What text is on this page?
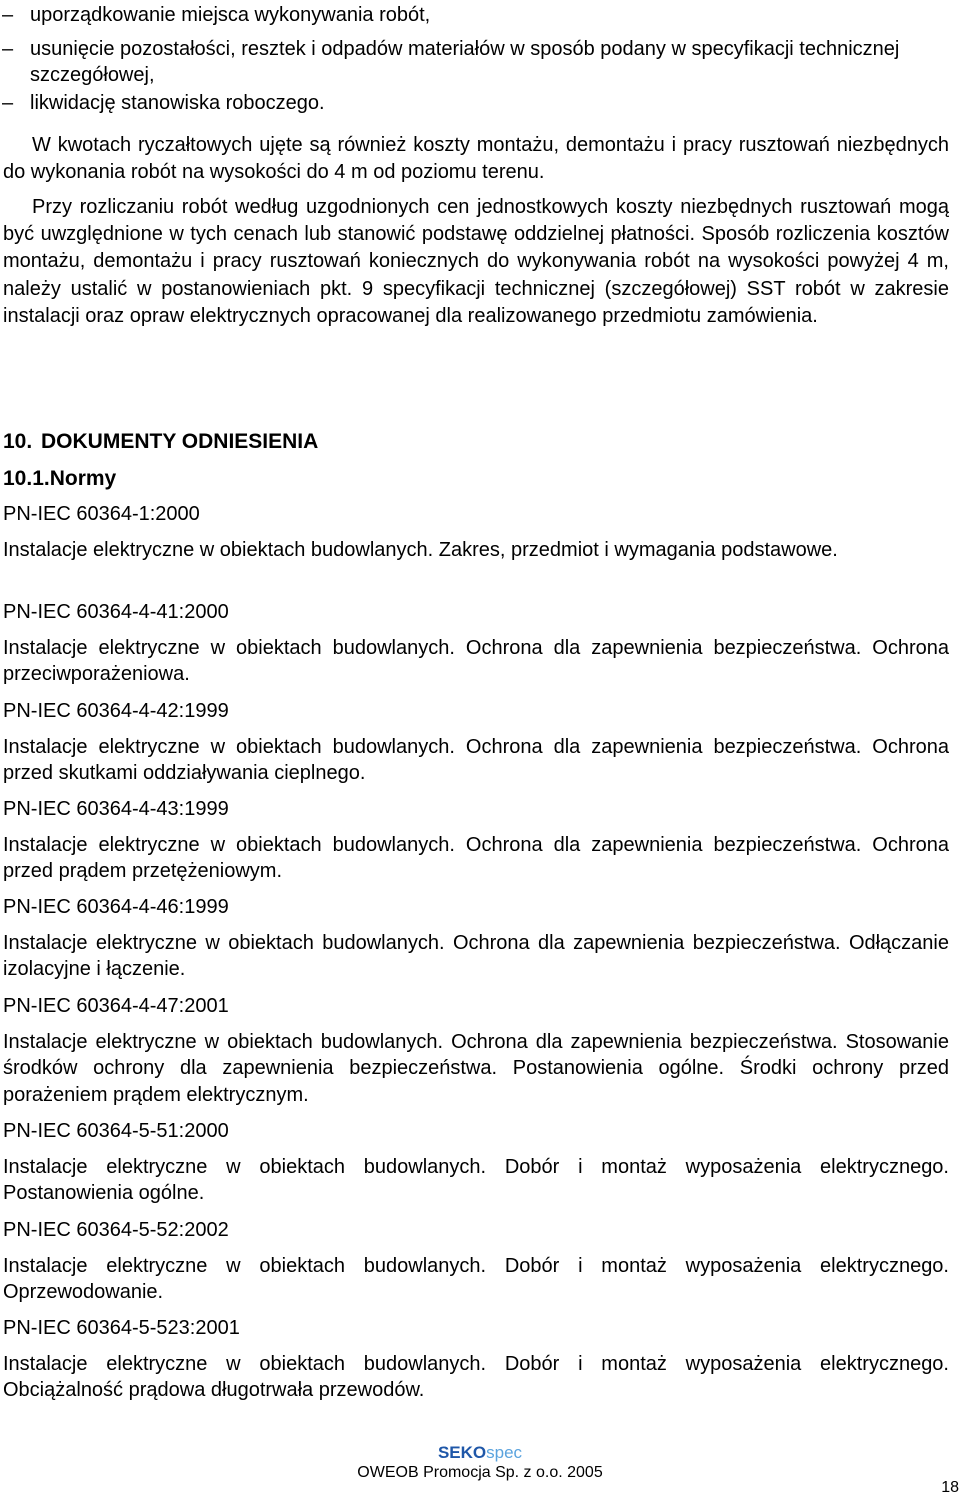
– uporządkowanie miejsca wykonywania robót,
– usunięcie pozostałości, resztek i odpadów materiałów w sposób podany w specyfikacji technicznej szczegółowej,
– likwidację stanowiska roboczego.
W kwotach ryczałtowych ujęte są również koszty montażu, demontażu i pracy rusztowań niezbędnych do wykonania robót na wysokości do 4 m od poziomu terenu.
Przy rozliczaniu robót według uzgodnionych cen jednostkowych koszty niezbędnych rusztowań mogą być uwzględnione w tych cenach lub stanowić podstawę oddzielnej płatności. Sposób rozliczenia kosztów montażu, demontażu i pracy rusztowań koniecznych do wykonywania robót na wysokości powyżej 4 m, należy ustalić w postanowieniach pkt. 9 specyfikacji technicznej (szczegółowej) SST robót w zakresie instalacji oraz opraw elektrycznych opracowanej dla realizowanego przedmiotu zamówienia.
10. DOKUMENTY ODNIESIENIA
10.1.Normy
PN-IEC 60364-1:2000
Instalacje elektryczne w obiektach budowlanych. Zakres, przedmiot i wymagania podstawowe.
PN-IEC 60364-4-41:2000
Instalacje elektryczne w obiektach budowlanych. Ochrona dla zapewnienia bezpieczeństwa. Ochrona przeciwporażeniowa.
PN-IEC 60364-4-42:1999
Instalacje elektryczne w obiektach budowlanych. Ochrona dla zapewnienia bezpieczeństwa. Ochrona przed skutkami oddziaływania cieplnego.
PN-IEC 60364-4-43:1999
Instalacje elektryczne w obiektach budowlanych. Ochrona dla zapewnienia bezpieczeństwa. Ochrona przed prądem przetężeniowym.
PN-IEC 60364-4-46:1999
Instalacje elektryczne w obiektach budowlanych. Ochrona dla zapewnienia bezpieczeństwa. Odłączanie izolacyjne i łączenie.
PN-IEC 60364-4-47:2001
Instalacje elektryczne w obiektach budowlanych. Ochrona dla zapewnienia bezpieczeństwa. Stosowanie środków ochrony dla zapewnienia bezpieczeństwa. Postanowienia ogólne. Środki ochrony przed porażeniem prądem elektrycznym.
PN-IEC 60364-5-51:2000
Instalacje elektryczne w obiektach budowlanych. Dobór i montaż wyposażenia elektrycznego. Postanowienia ogólne.
PN-IEC 60364-5-52:2002
Instalacje elektryczne w obiektach budowlanych. Dobór i montaż wyposażenia elektrycznego. Oprzewodowanie.
PN-IEC 60364-5-523:2001
Instalacje elektryczne w obiektach budowlanych. Dobór i montaż wyposażenia elektrycznego. Obciążalność prądowa długotrwała przewodów.
SEKOspec
OWEOB Promocja Sp. z o.o. 2005
18
